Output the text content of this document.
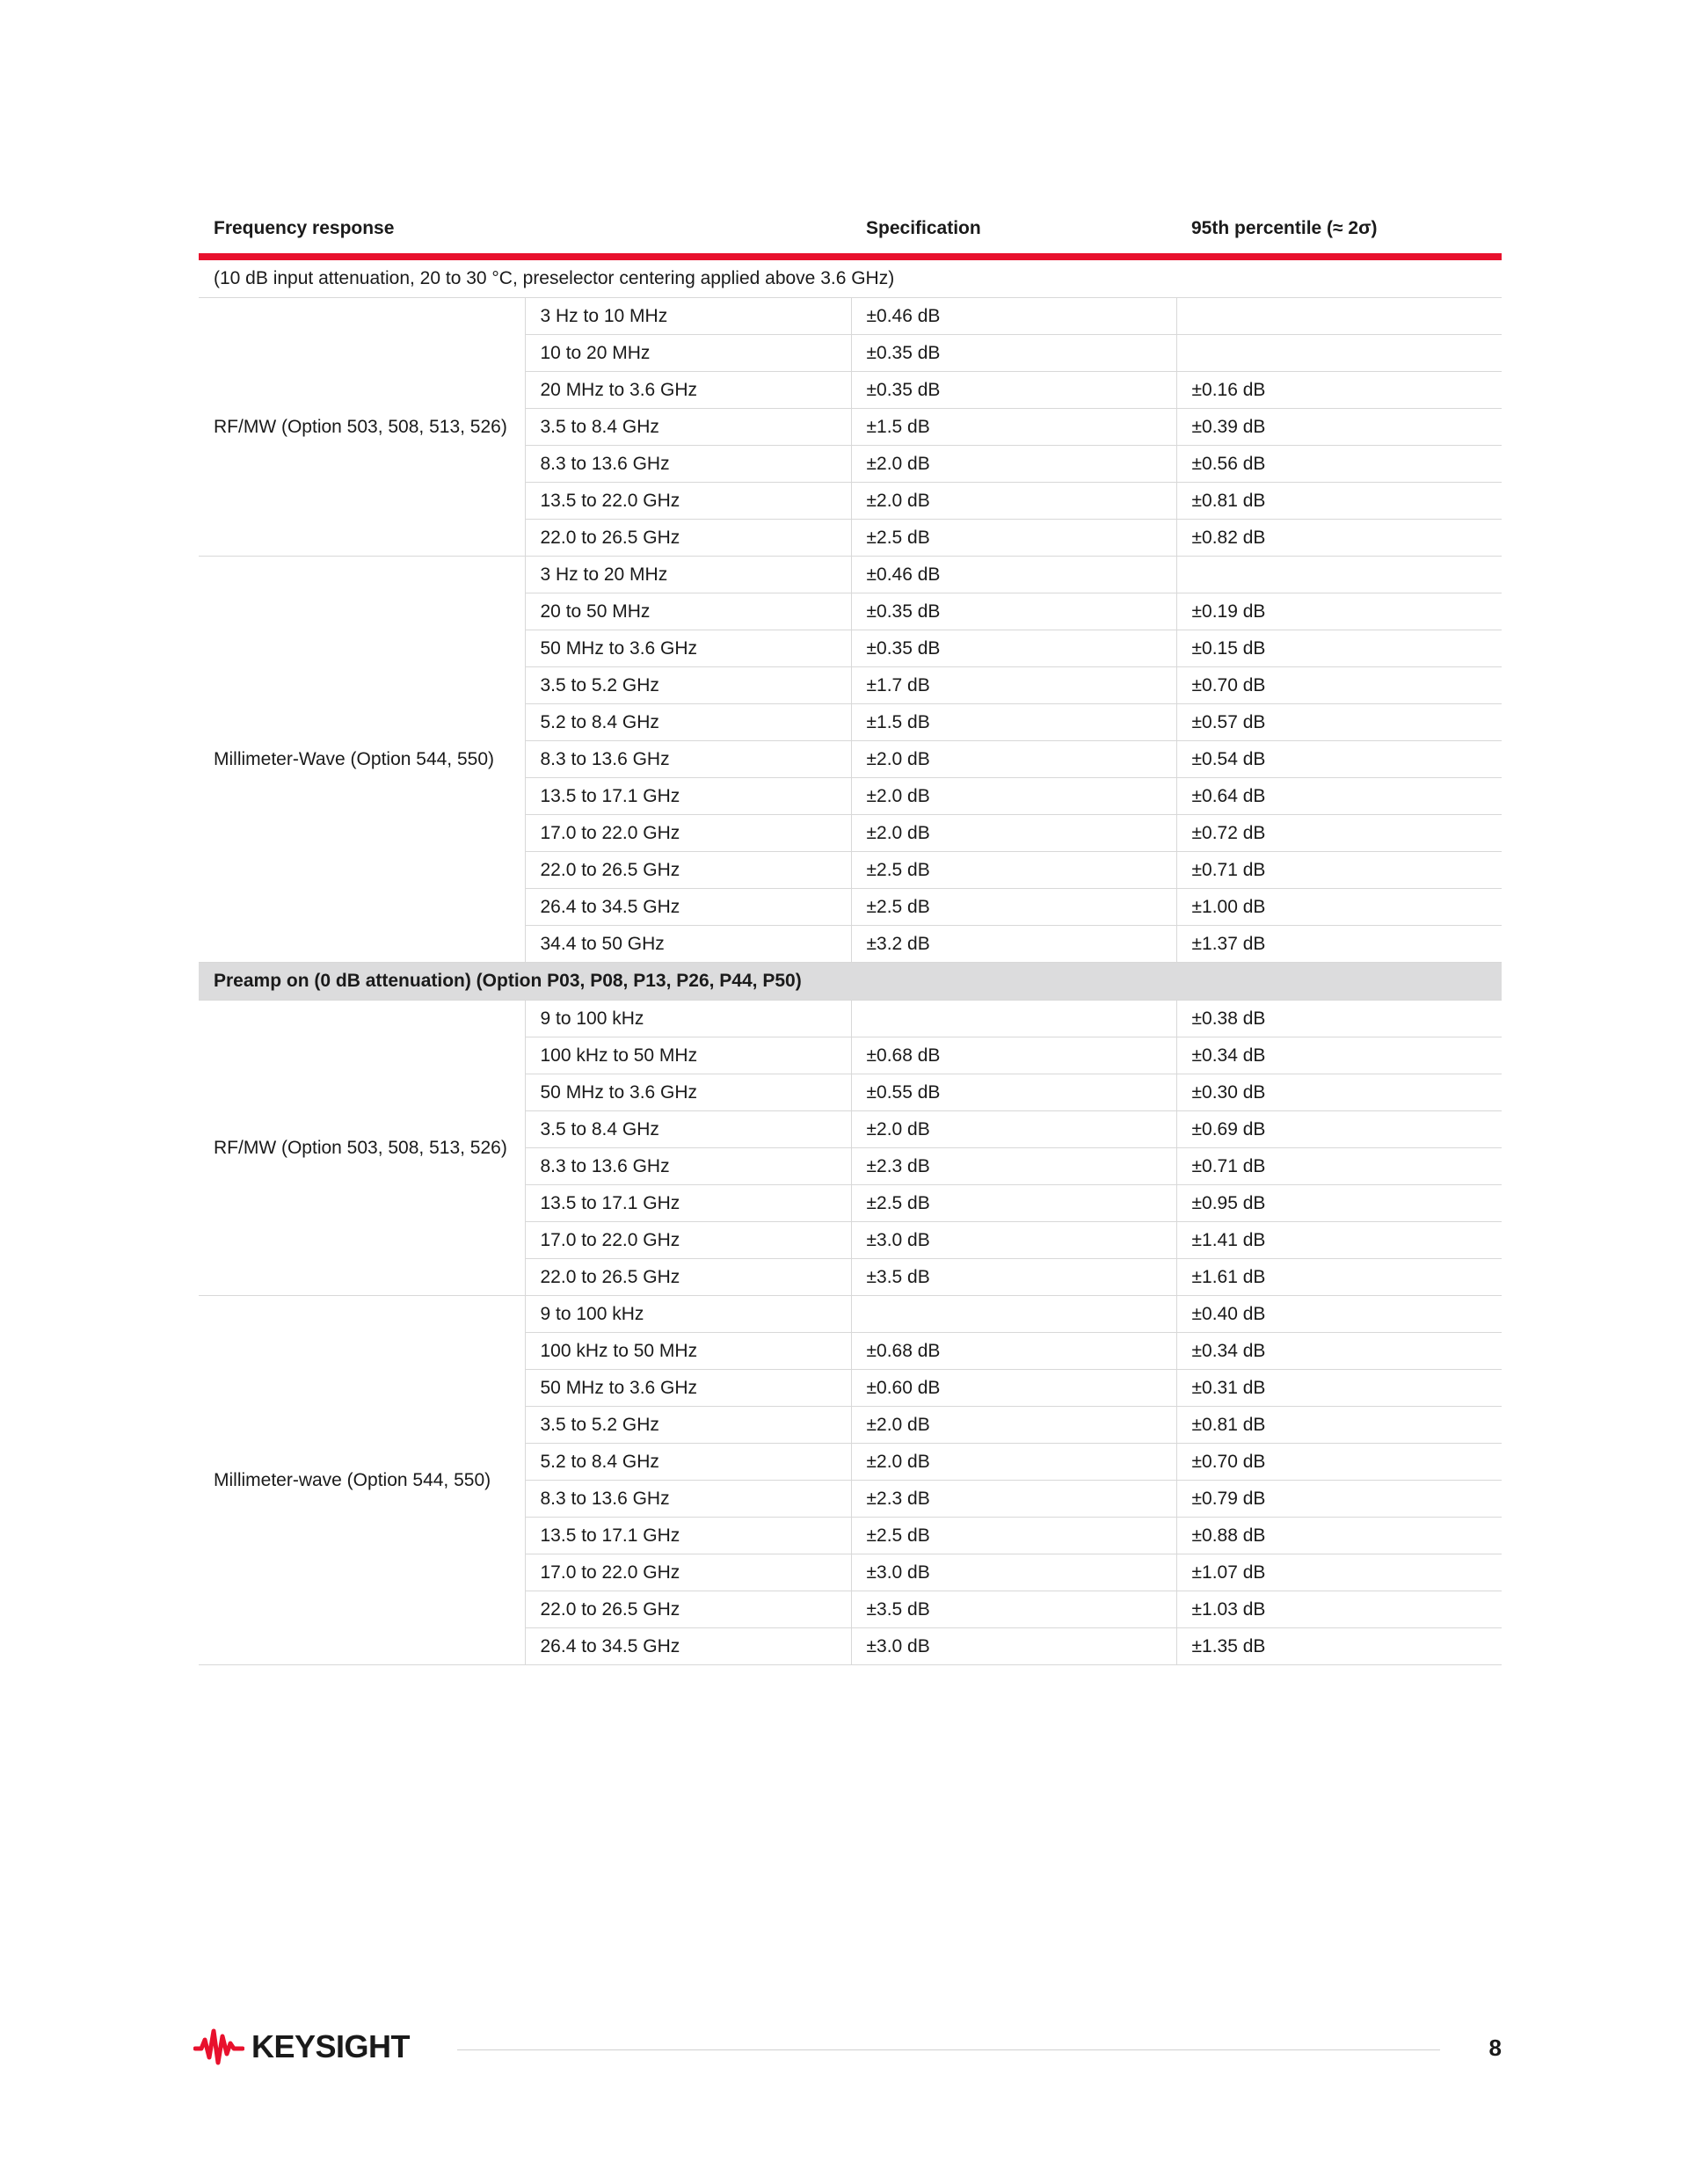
Frequency response		Specification	95th percentile (≈ 2σ)
(10 dB input attenuation, 20 to 30 °C, preselector centering applied above 3.6 GHz)			
RF/MW (Option 503, 508, 513, 526)	3 Hz to 10 MHz	±0.46 dB	
	10 to 20 MHz	±0.35 dB	
	20 MHz to 3.6 GHz	±0.35 dB	±0.16 dB
	3.5 to 8.4 GHz	±1.5 dB	±0.39 dB
	8.3 to 13.6 GHz	±2.0 dB	±0.56 dB
	13.5 to 22.0 GHz	±2.0 dB	±0.81 dB
	22.0 to 26.5 GHz	±2.5 dB	±0.82 dB
Millimeter-Wave (Option 544, 550)	3 Hz to 20 MHz	±0.46 dB	
	20 to 50 MHz	±0.35 dB	±0.19 dB
	50 MHz to 3.6 GHz	±0.35 dB	±0.15 dB
	3.5 to 5.2 GHz	±1.7 dB	±0.70 dB
	5.2 to 8.4 GHz	±1.5 dB	±0.57 dB
	8.3 to 13.6 GHz	±2.0 dB	±0.54 dB
	13.5 to 17.1 GHz	±2.0 dB	±0.64 dB
	17.0 to 22.0 GHz	±2.0 dB	±0.72 dB
	22.0 to 26.5 GHz	±2.5 dB	±0.71 dB
	26.4 to 34.5 GHz	±2.5 dB	±1.00 dB
	34.4 to 50 GHz	±3.2 dB	±1.37 dB
Preamp on (0 dB attenuation) (Option P03, P08, P13, P26, P44, P50)			
RF/MW (Option 503, 508, 513, 526)	9 to 100 kHz		±0.38 dB
	100 kHz to 50 MHz	±0.68 dB	±0.34 dB
	50 MHz to 3.6 GHz	±0.55 dB	±0.30 dB
	3.5 to 8.4 GHz	±2.0 dB	±0.69 dB
	8.3 to 13.6 GHz	±2.3 dB	±0.71 dB
	13.5 to 17.1 GHz	±2.5 dB	±0.95 dB
	17.0 to 22.0 GHz	±3.0 dB	±1.41 dB
	22.0 to 26.5 GHz	±3.5 dB	±1.61 dB
Millimeter-wave (Option 544, 550)	9 to 100 kHz		±0.40 dB
	100 kHz to 50 MHz	±0.68 dB	±0.34 dB
	50 MHz to 3.6 GHz	±0.60 dB	±0.31 dB
	3.5 to 5.2 GHz	±2.0 dB	±0.81 dB
	5.2 to 8.4 GHz	±2.0 dB	±0.70 dB
	8.3 to 13.6 GHz	±2.3 dB	±0.79 dB
	13.5 to 17.1 GHz	±2.5 dB	±0.88 dB
	17.0 to 22.0 GHz	±3.0 dB	±1.07 dB
	22.0 to 26.5 GHz	±3.5 dB	±1.03 dB
	26.4 to 34.5 GHz	±3.0 dB	±1.35 dB
KEYSIGHT	8
